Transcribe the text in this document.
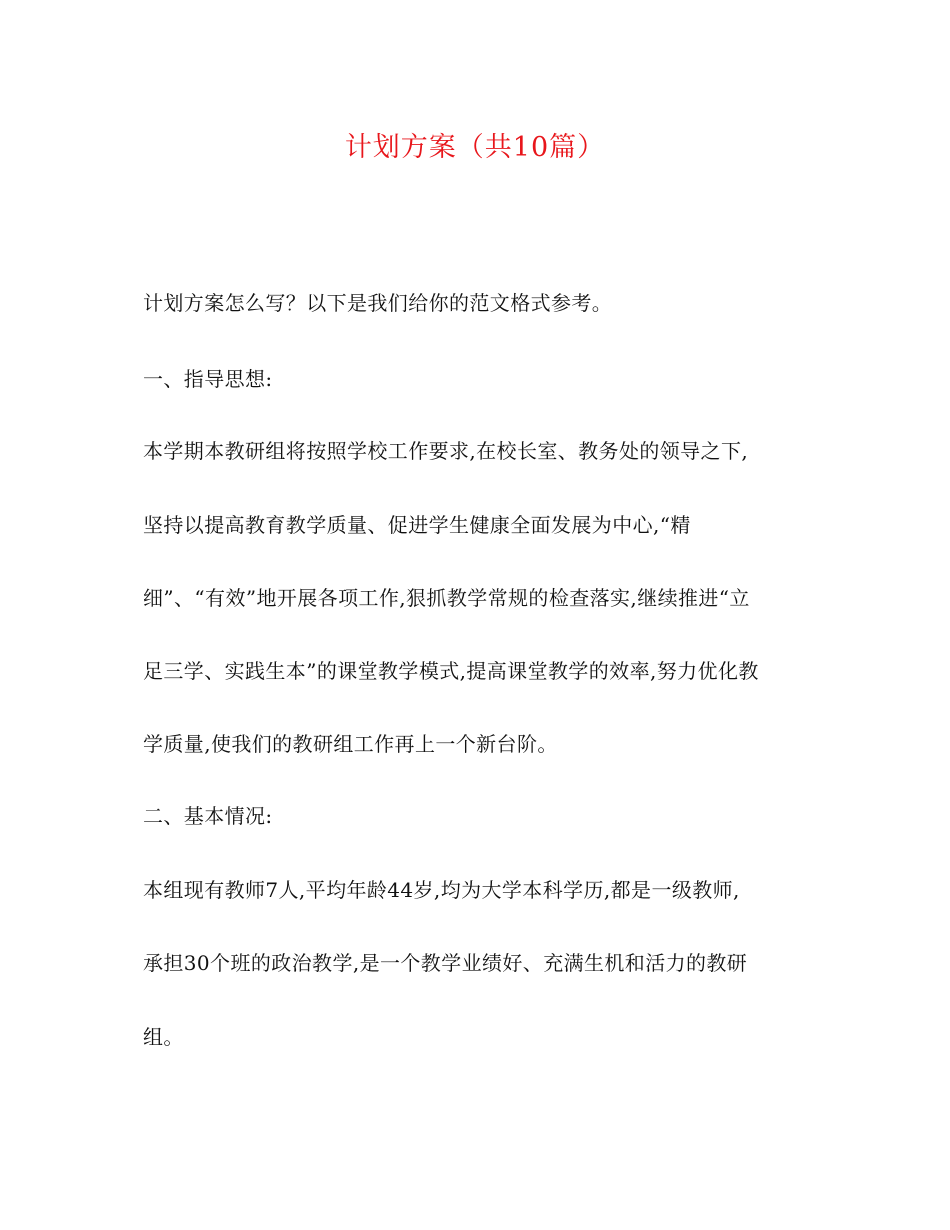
计划方案（共10篇）
计划方案怎么写？以下是我们给你的范文格式参考。
一、指导思想:
本学期本教研组将按照学校工作要求,在校长室、教务处的领导之下,
坚持以提高教育教学质量、促进学生健康全面发展为中心,“精
细”、“有效”地开展各项工作,狠抓教学常规的检查落实,继续推进“立
足三学、实践生本”的课堂教学模式,提高课堂教学的效率,努力优化教
学质量,使我们的教研组工作再上一个新台阶。
二、基本情况:
本组现有教师7人,平均年龄44岁,均为大学本科学历,都是一级教师,
承担30个班的政治教学,是一个教学业绩好、充满生机和活力的教研
组。
